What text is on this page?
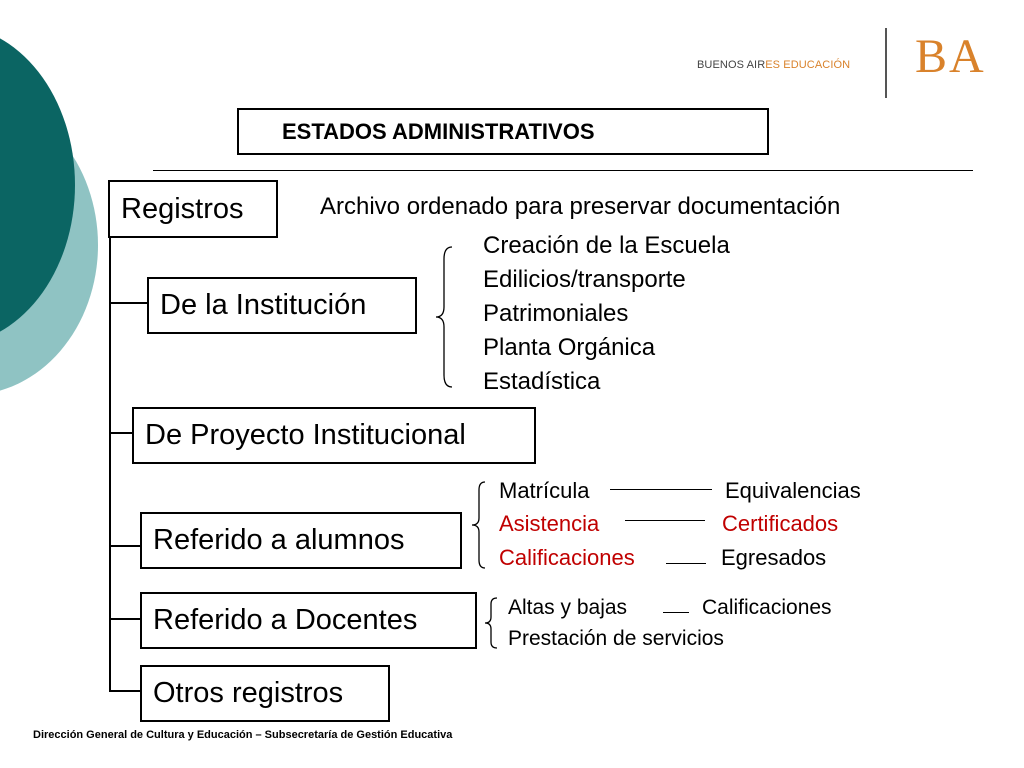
BUENOS AIRES EDUCACIÓN BA
ESTADOS ADMINISTRATIVOS
Registros
De la Institución
De Proyecto Institucional
Referido a alumnos
Referido a Docentes
Otros registros
Archivo ordenado para preservar documentación
Creación de la Escuela
Edilicios/transporte
Patrimoniales
Planta Orgánica
Estadística
Matrícula	Equivalencias
Asistencia	Certificados
Calificaciones	Egresados
Altas y bajas	Calificaciones
Prestación de servicios
Dirección General de Cultura y Educación – Subsecretaría de Gestión Educativa
